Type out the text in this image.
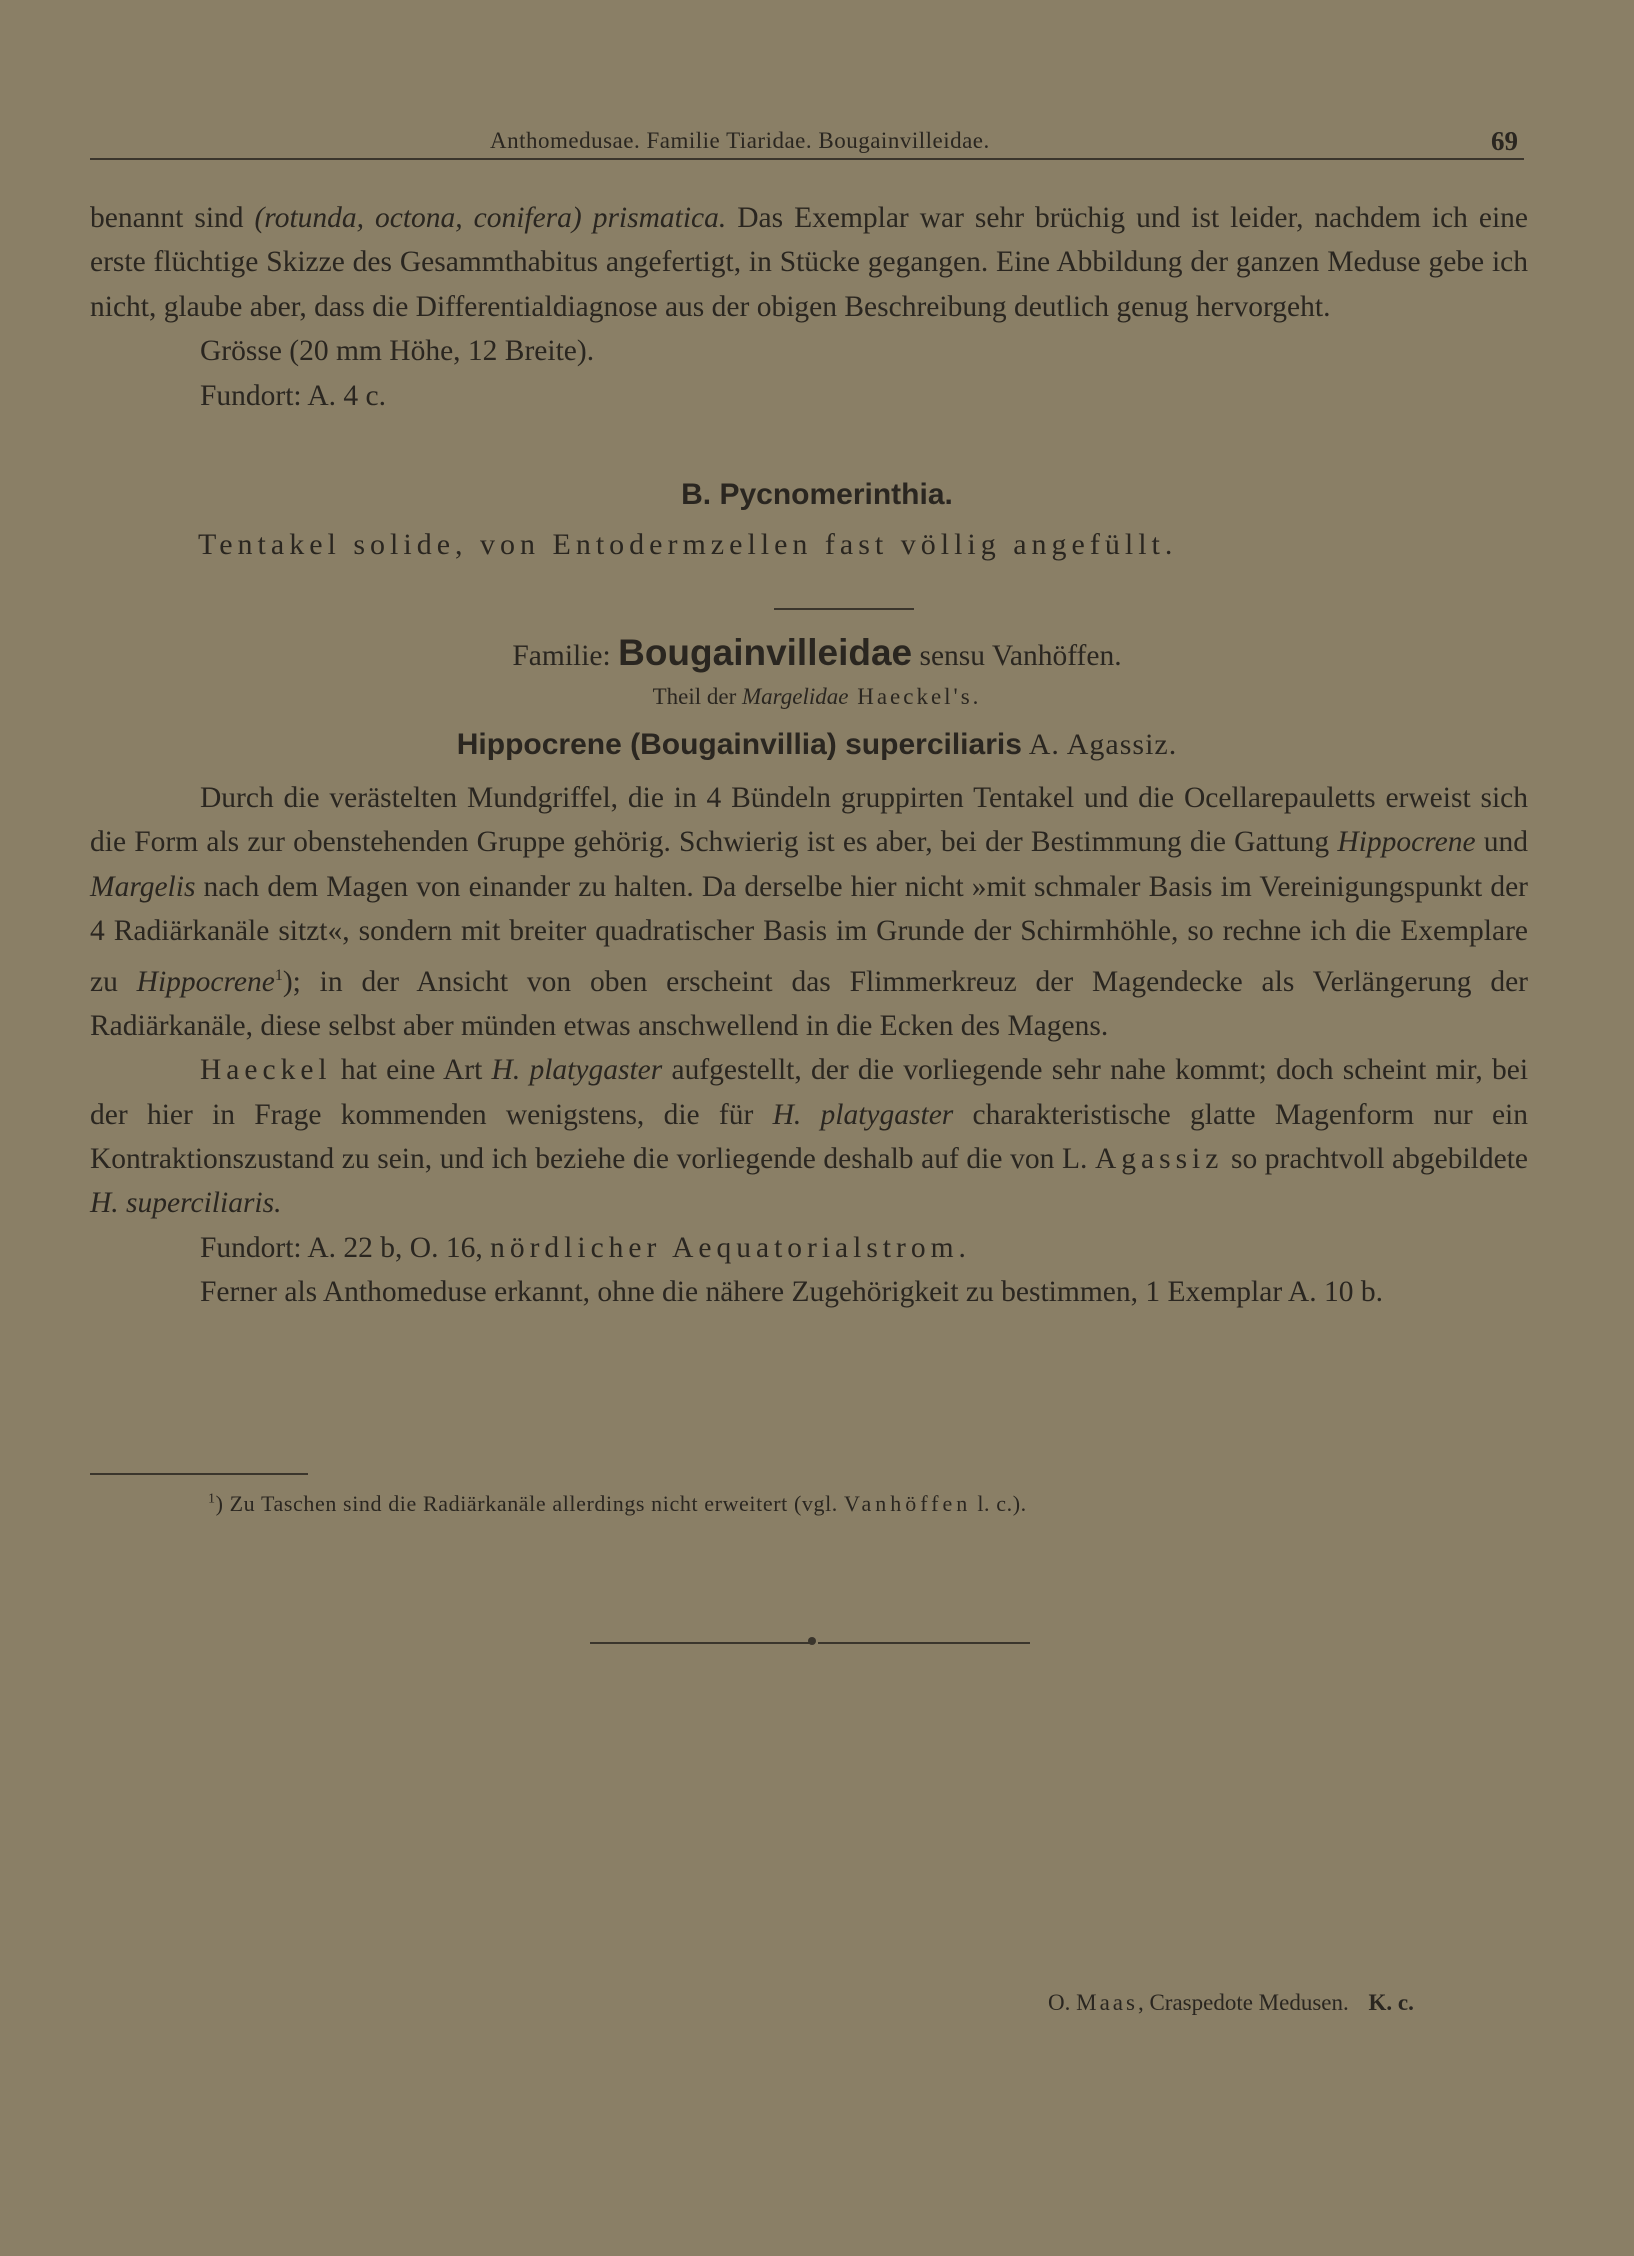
Anthomedusae. Familie Tiaridae. Bougainvilleidae.	69

benannt sind (rotunda, octona, conifera) prismatica. Das Exemplar war sehr brüchig und ist leider, nachdem ich eine erste flüchtige Skizze des Gesammthabitus angefertigt, in Stücke gegangen. Eine Abbildung der ganzen Meduse gebe ich nicht, glaube aber, dass die Differentialdiagnose aus der obigen Beschreibung deutlich genug hervorgeht.

Grösse (20 mm Höhe, 12 Breite).

Fundort: A. 4 c.

B. Pycnomerinthia.
Tentakel solide, von Entodermzellen fast völlig angefüllt.
Familie: Bougainvilleidae sensu Vanhöffen.
Theil der Margelidae Haeckel's.
Hippocrene (Bougainvillia) superciliaris A. Agassiz.

Durch die verästelten Mundgriffel, die in 4 Bündeln gruppirten Tentakel und die Ocellarepauletts erweist sich die Form als zur obenstehenden Gruppe gehörig. Schwierig ist es aber, bei der Bestimmung die Gattung Hippocrene und Margelis nach dem Magen von einander zu halten. Da derselbe hier nicht »mit schmaler Basis im Vereinigungspunkt der 4 Radiärkanäle sitzt«, sondern mit breiter quadratischer Basis im Grunde der Schirmhöhle, so rechne ich die Exemplare zu Hippocrene$^1$); in der Ansicht von oben erscheint das Flimmerkreuz der Magendecke als Verlängerung der Radiärkanäle, diese selbst aber münden etwas anschwellend in die Ecken des Magens.

Haeckel hat eine Art H. platygaster aufgestellt, der die vorliegende sehr nahe kommt; doch scheint mir, bei der hier in Frage kommenden wenigstens, die für H. platygaster charakteristische glatte Magenform nur ein Kontraktionszustand zu sein, und ich beziehe die vorliegende deshalb auf die von L. Agassiz so prachtvoll abgebildete H. superciliaris.

Fundort: A. 22 b, O. 16, nördlicher Aequatorialstrom.

Ferner als Anthomeduse erkannt, ohne die nähere Zugehörigkeit zu bestimmen, 1 Exemplar A. 10 b.

$^1$) Zu Taschen sind die Radiärkanäle allerdings nicht erweitert (vgl. Vanhöffen l. c.).
O. Maas, Craspedote Medusen. K. c.
